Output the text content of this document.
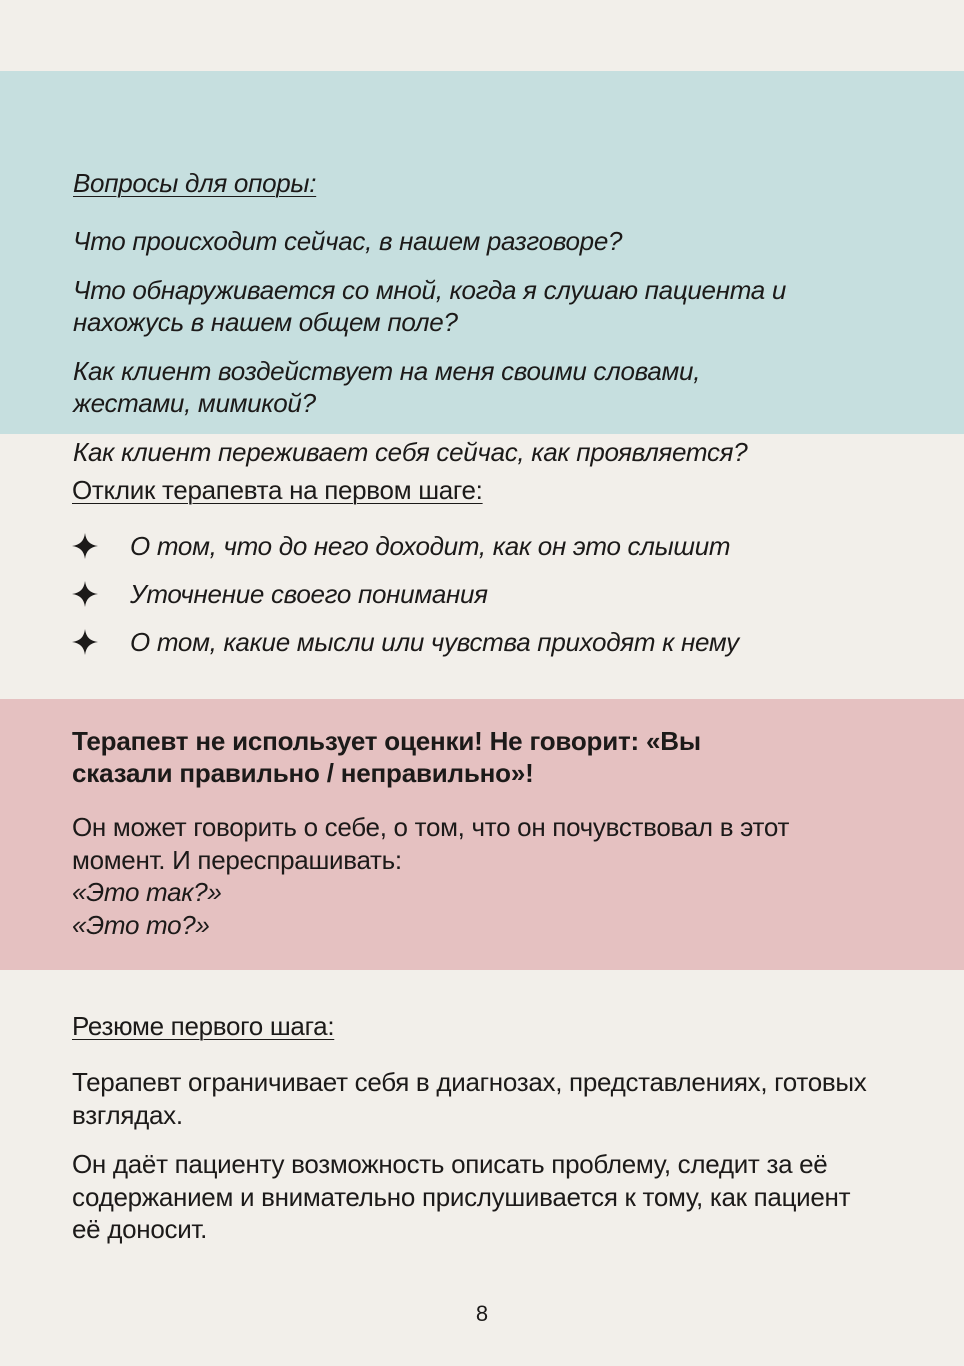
Вопросы для опоры:

Что происходит сейчас, в нашем разговоре?

Что обнаруживается со мной, когда я слушаю пациента и нахожусь в нашем общем поле?

Как клиент воздействует на меня своими словами, жестами, мимикой?

Как клиент переживает себя сейчас, как проявляется?

Отклик терапевта на первом шаге:
О том, что до него доходит, как он это слышит
Уточнение своего понимания
О том, какие мысли или чувства приходят к нему

Терапевт не использует оценки! Не говорит: «Вы сказали правильно / неправильно»!

Он может говорить о себе, о том, что он почувствовал в этот момент. И переспрашивать:
«Это так?»
«Это то?»
Резюме первого шага:

Терапевт ограничивает себя в диагнозах, представлениях, готовых взглядах.

Он даёт пациенту возможность описать проблему, следит за её содержанием и внимательно прислушивается к тому, как пациент её доносит.

8
